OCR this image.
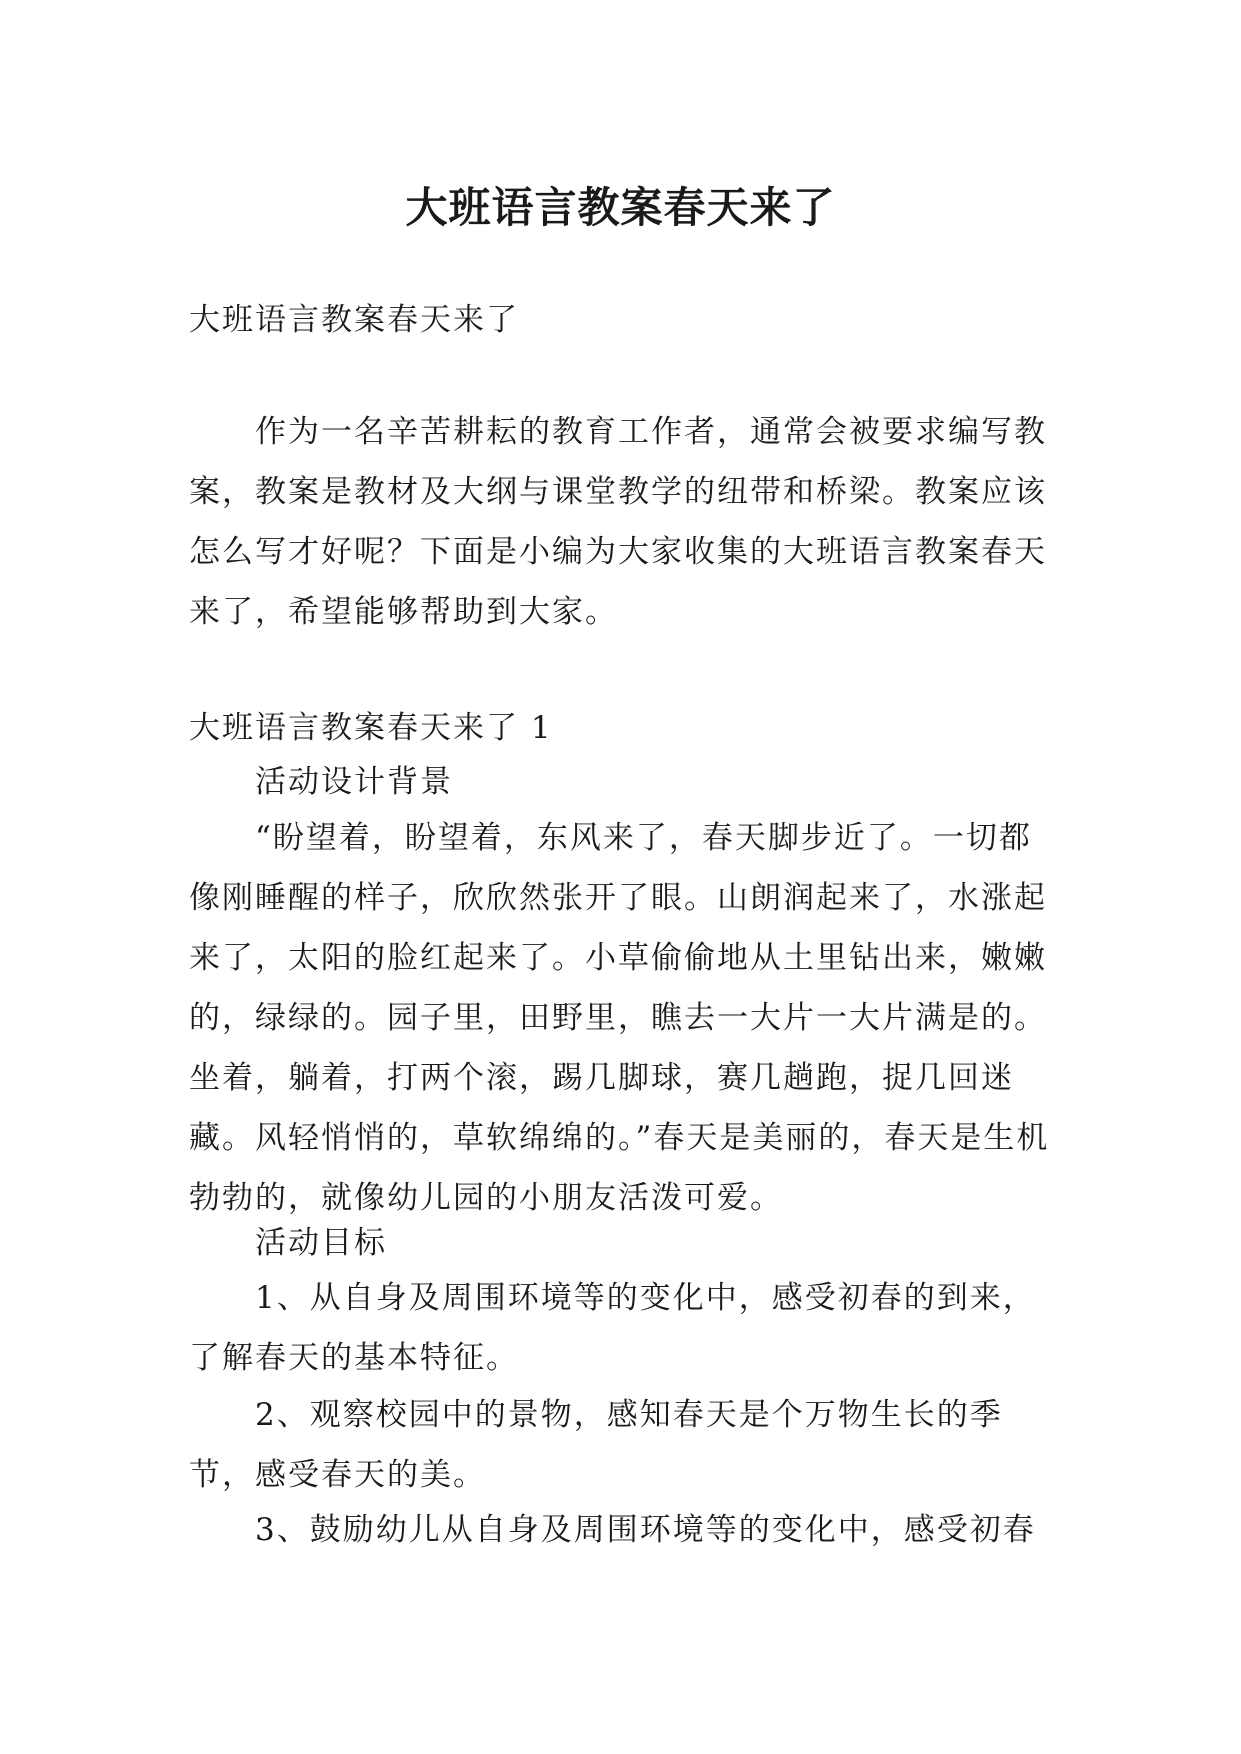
大班语言教案春天来了

大班语言教案春天来了

作为一名辛苦耕耘的教育工作者，通常会被要求编写教案，教案是教材及大纲与课堂教学的纽带和桥梁。教案应该怎么写才好呢？下面是小编为大家收集的大班语言教案春天来了，希望能够帮助到大家。

大班语言教案春天来了 1

活动设计背景

“盼望着，盼望着，东风来了，春天脚步近了。一切都像刚睡醒的样子，欣欣然张开了眼。山朗润起来了，水涨起来了，太阳的脸红起来了。小草偷偷地从土里钻出来，嫩嫩的，绿绿的。园子里，田野里，瞧去一大片一大片满是的。坐着，躺着，打两个滚，踢几脚球，赛几趟跑，捉几回迷藏。风轻悄悄的，草软绵绵的。”春天是美丽的，春天是生机勃勃的，就像幼儿园的小朋友活泼可爱。

活动目标

1、从自身及周围环境等的变化中，感受初春的到来，了解春天的基本特征。

2、观察校园中的景物，感知春天是个万物生长的季节，感受春天的美。

3、鼓励幼儿从自身及周围环境等的变化中，感受初春
